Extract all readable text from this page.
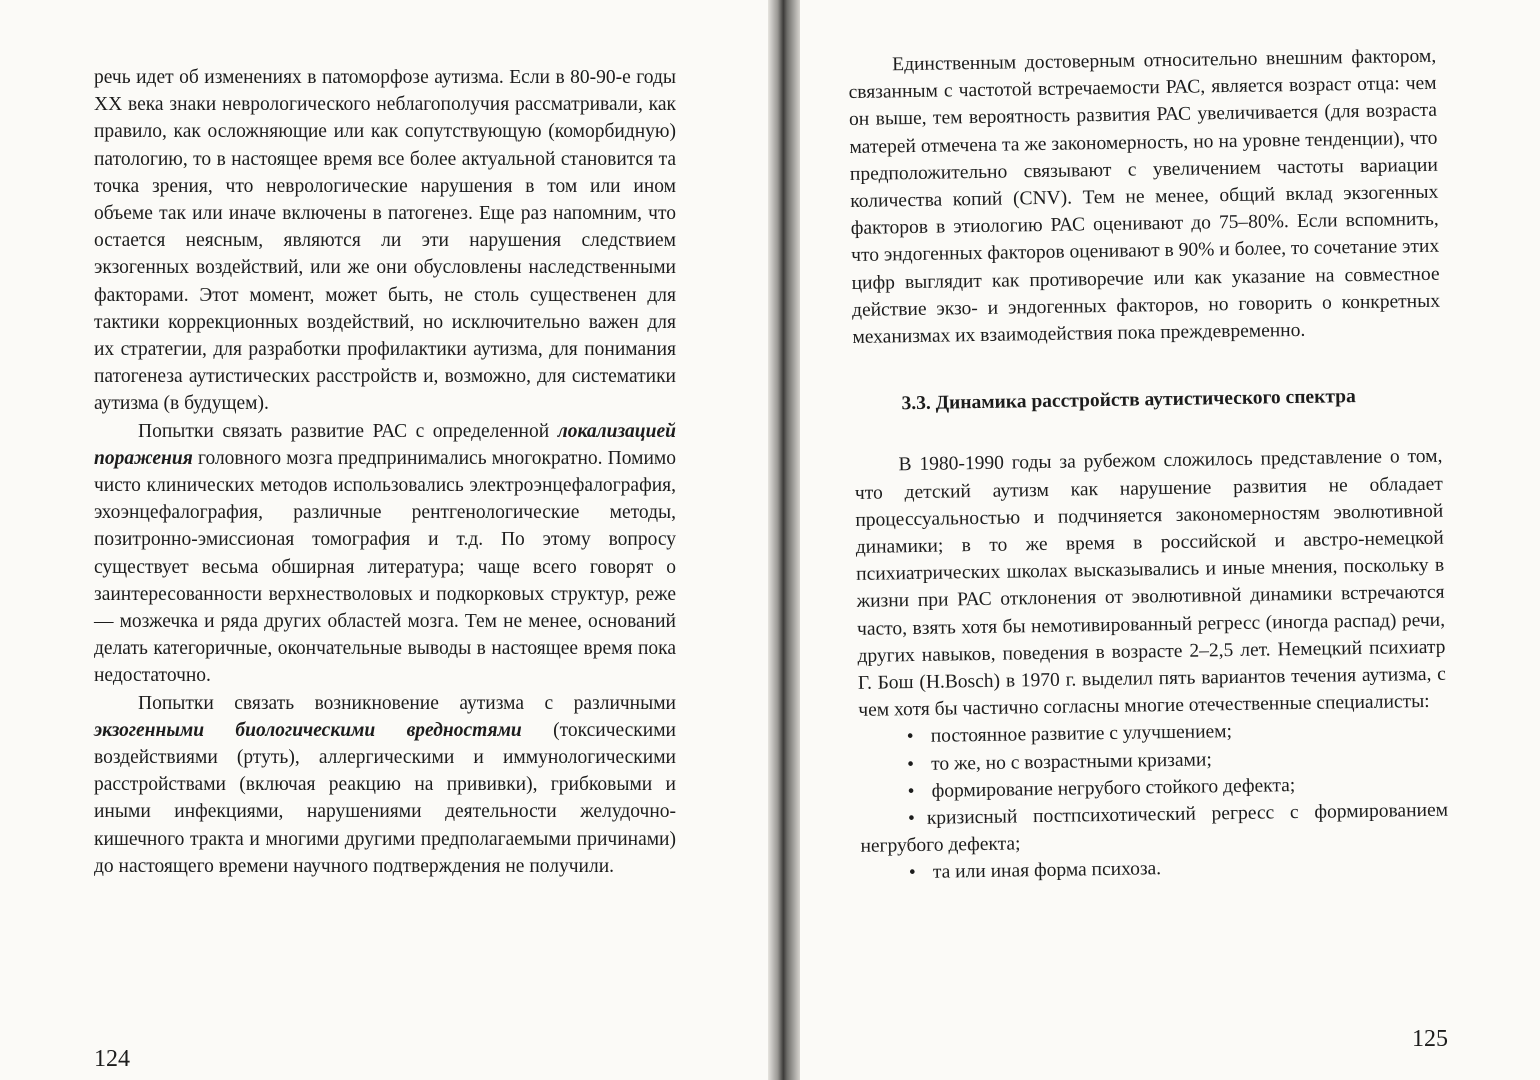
речь идет об изменениях в патоморфозе аутизма. Если в 80-90-е годы XX века знаки неврологического неблагополучия рассматривали, как правило, как осложняющие или как сопутствующую (коморбидную) патологию, то в настоящее время все более актуальной становится та точка зрения, что неврологические нарушения в том или ином объеме так или иначе включены в патогенез. Еще раз напомним, что остается неясным, являются ли эти нарушения следствием экзогенных воздействий, или же они обусловлены наследственными факторами. Этот момент, может быть, не столь существенен для тактики коррекционных воздействий, но исключительно важен для их стратегии, для разработки профилактики аутизма, для понимания патогенеза аутистических расстройств и, возможно, для систематики аутизма (в будущем).

Попытки связать развитие РАС с определенной локализацией поражения головного мозга предпринимались многократно. Помимо чисто клинических методов использовались электроэнцефалография, эхоэнцефалография, различные рентгенологические методы, позитронно-эмиссионая томография и т.д. По этому вопросу существует весьма обширная литература; чаще всего говорят о заинтересованности верхнестволовых и подкорковых структур, реже — мозжечка и ряда других областей мозга. Тем не менее, оснований делать категоричные, окончательные выводы в настоящее время пока недостаточно.

Попытки связать возникновение аутизма с различными экзогенными биологическими вредностями (токсическими воздействиями (ртуть), аллергическими и иммунологическими расстройствами (включая реакцию на прививки), грибковыми и иными инфекциями, нарушениями деятельности желудочно-кишечного тракта и многими другими предполагаемыми причинами) до настоящего времени научного подтверждения не получили.

124

Единственным достоверным относительно внешним фактором, связанным с частотой встречаемости РАС, является возраст отца: чем он выше, тем вероятность развития РАС увеличивается (для возраста матерей отмечена та же закономерность, но на уровне тенденции), что предположительно связывают с увеличением частоты вариации количества копий (CNV). Тем не менее, общий вклад экзогенных факторов в этиологию РАС оценивают до 75–80%. Если вспомнить, что эндогенных факторов оценивают в 90% и более, то сочетание этих цифр выглядит как противоречие или как указание на совместное действие экзо- и эндогенных факторов, но говорить о конкретных механизмах их взаимодействия пока преждевременно.

3.3. Динамика расстройств аутистического спектра

В 1980-1990 годы за рубежом сложилось представление о том, что детский аутизм как нарушение развития не обладает процессуальностью и подчиняется закономерностям эволютивной динамики; в то же время в российской и австро-немецкой психиатрических школах высказывались и иные мнения, поскольку в жизни при РАС отклонения от эволютивной динамики встречаются часто, взять хотя бы немотивированный регресс (иногда распад) речи, других навыков, поведения в возрасте 2–2,5 лет. Немецкий психиатр Г. Бош (H.Bosch) в 1970 г. выделил пять вариантов течения аутизма, с чем хотя бы частично согласны многие отечественные специалисты:

• постоянное развитие с улучшением;
• то же, но с возрастными кризами;
• формирование негрубого стойкого дефекта;
• кризисный постпсихотический регресс с формированием негрубого дефекта;
• та или иная форма психоза.
125
